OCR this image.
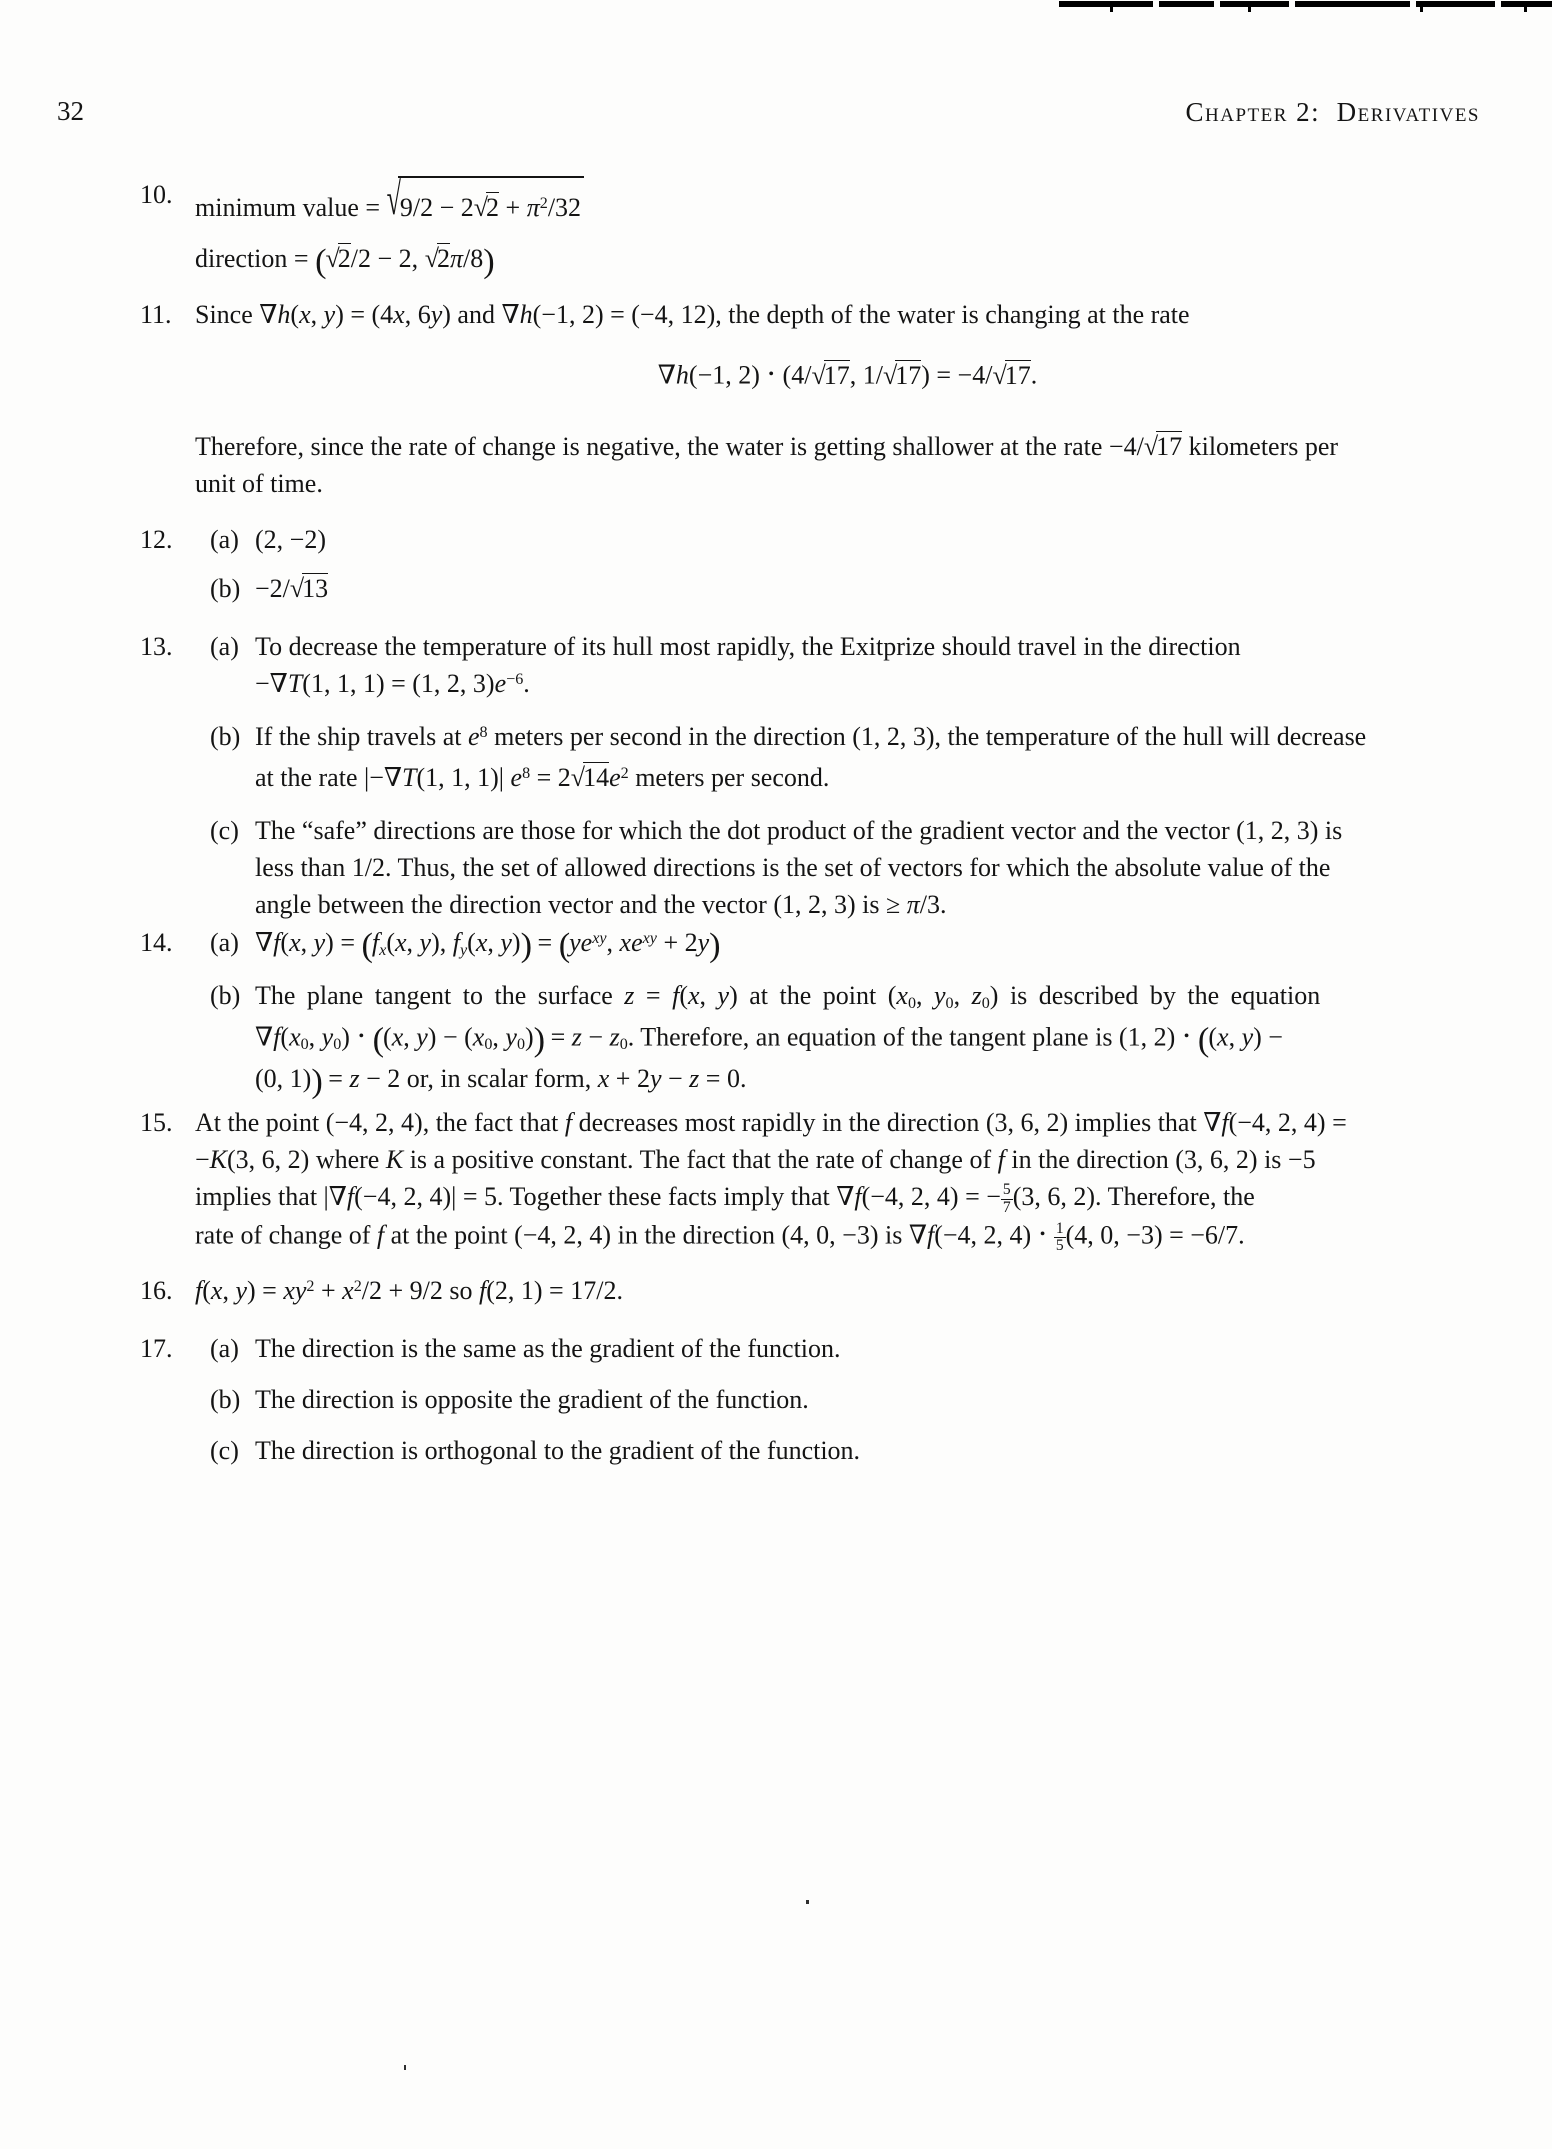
32	Chapter 2:  Derivatives
10. minimum value = $√9/2 - 2√2 + \pi^2/32$
direction = (√2/2 − 2, √2π/8)
11. Since ∇h(x, y) = (4x, 6y) and ∇h(−1, 2) = (−4, 12), the depth of the water is changing at the rate
∇h(−1, 2) • (4/√17, 1/√17) = −4/√17.
Therefore, since the rate of change is negative, the water is getting shallower at the rate −4/√17 kilometers per
unit of time.
12.	(a) (2, −2)
(b) −2/√13
13.	(a) To decrease the temperature of its hull most rapidly, the Exitprize should travel in the direction
−∇T(1, 1, 1) = (1, 2, $3)e^{-6}$.
(b) If the ship travels at $e^8$ meters per second in the direction (1, 2, 3), the temperature of the hull will decrease
at the rate |−∇T(1, 1, 1)| $e^8 = 2√14e^2$ meters per second.
(c) The “safe” directions are those for which the dot product of the gradient vector and the vector (1, 2, 3) is
less than 1/2. Thus, the set of allowed directions is the set of vectors for which the absolute value of the
angle between the direction vector and the vector (1, 2, 3) is ≥ π/3.
14.	(a) ∇f(x, $y) = (f_x(x$, y), $f_y(x$, $y)) = (ye^{xy}$, $xe^{xy} + 2y$)
(b) The plane tangent to the surface z = f(x, y) at the point ($x_0$, $y_0$, $z_0$) is described by the equation
$\nabla f(x_0$, $y_0$) • ((x, $y) - (x_0$, $y_0)) = z - z_0$. Therefore, an equation of the tangent plane is (1, 2) • ((x, y) −
(0, 1)) = z − 2 or, in scalar form, x + 2y − z = 0.
15. At the point (−4, 2, 4), the fact that f decreases most rapidly in the direction (3, 6, 2) implies that ∇f(−4, 2, 4) =
−K(3, 6, 2) where K is a positive constant. The fact that the rate of change of f in the direction (3, 6, 2) is −5
implies that |∇f(−4, 2, 4)| = 5. Together these facts imply that ∇f(−4, 2, 4) = − $\frac{5}{7} (3$, 6, 2). Therefore, the
rate of change of f at the point (−4, 2, 4) in the direction (4, 0, −3) is ∇f(−4, 2, 4) • $\frac{1}{5} (4$, 0, −3) = −6/7.
16. f(x, $y) = xy^2 + x^2/2 + 9/2$ so f(2, 1) = 17/2.
17.	(a) The direction is the same as the gradient of the function.
(b) The direction is opposite the gradient of the function.
(c) The direction is orthogonal to the gradient of the function.
